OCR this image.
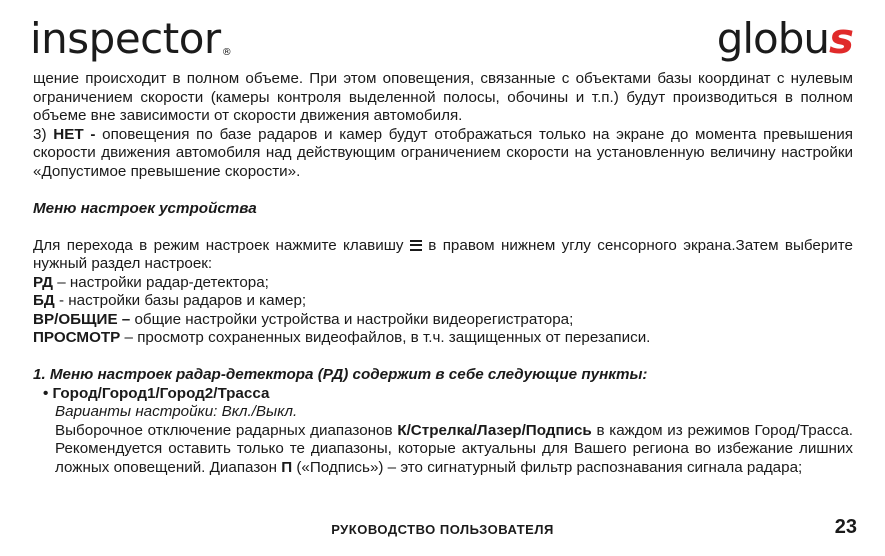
inspector®	globus

щение происходит в полном объеме. При этом оповещения, связанные с объектами базы координат с нулевым ограничением скорости (камеры контроля выделенной полосы, обочины и т.п.) будут производиться в полном объеме вне зависимости от скорости движения автомобиля.

3) НЕТ - оповещения по базе радаров и камер будут отображаться только на экране до момента превышения скорости движения автомобиля над действующим ограничением скорости на установленную величину настройки «Допустимое превышение скорости».

Меню настроек устройства

Для перехода в режим настроек нажмите клавишу  в правом нижнем углу сенсорного экрана.Затем выберите нужный раздел настроек:

РД – настройки радар-детектора;

БД - настройки базы радаров и камер;

ВР/ОБЩИЕ – общие настройки устройства и настройки видеорегистратора;

ПРОСМОТР – просмотр сохраненных видеофайлов, в т.ч. защищенных от перезаписи.

1. Меню настроек радар-детектора (РД) содержит в себе следующие пункты:

• Город/Город1/Город2/Трасса

Варианты настройки: Вкл./Выкл.

Выборочное отключение радарных диапазонов К/Стрелка/Лазер/Подпись в каждом из режимов Город/Трасса. Рекомендуется оставить только те диапазоны, которые актуальны для Вашего региона во избежание лишних ложных оповещений. Диапазон П («Подпись») – это сигнатурный фильтр распознавания сигнала радара;

РУКОВОДСТВО ПОЛЬЗОВАТЕЛЯ	23
